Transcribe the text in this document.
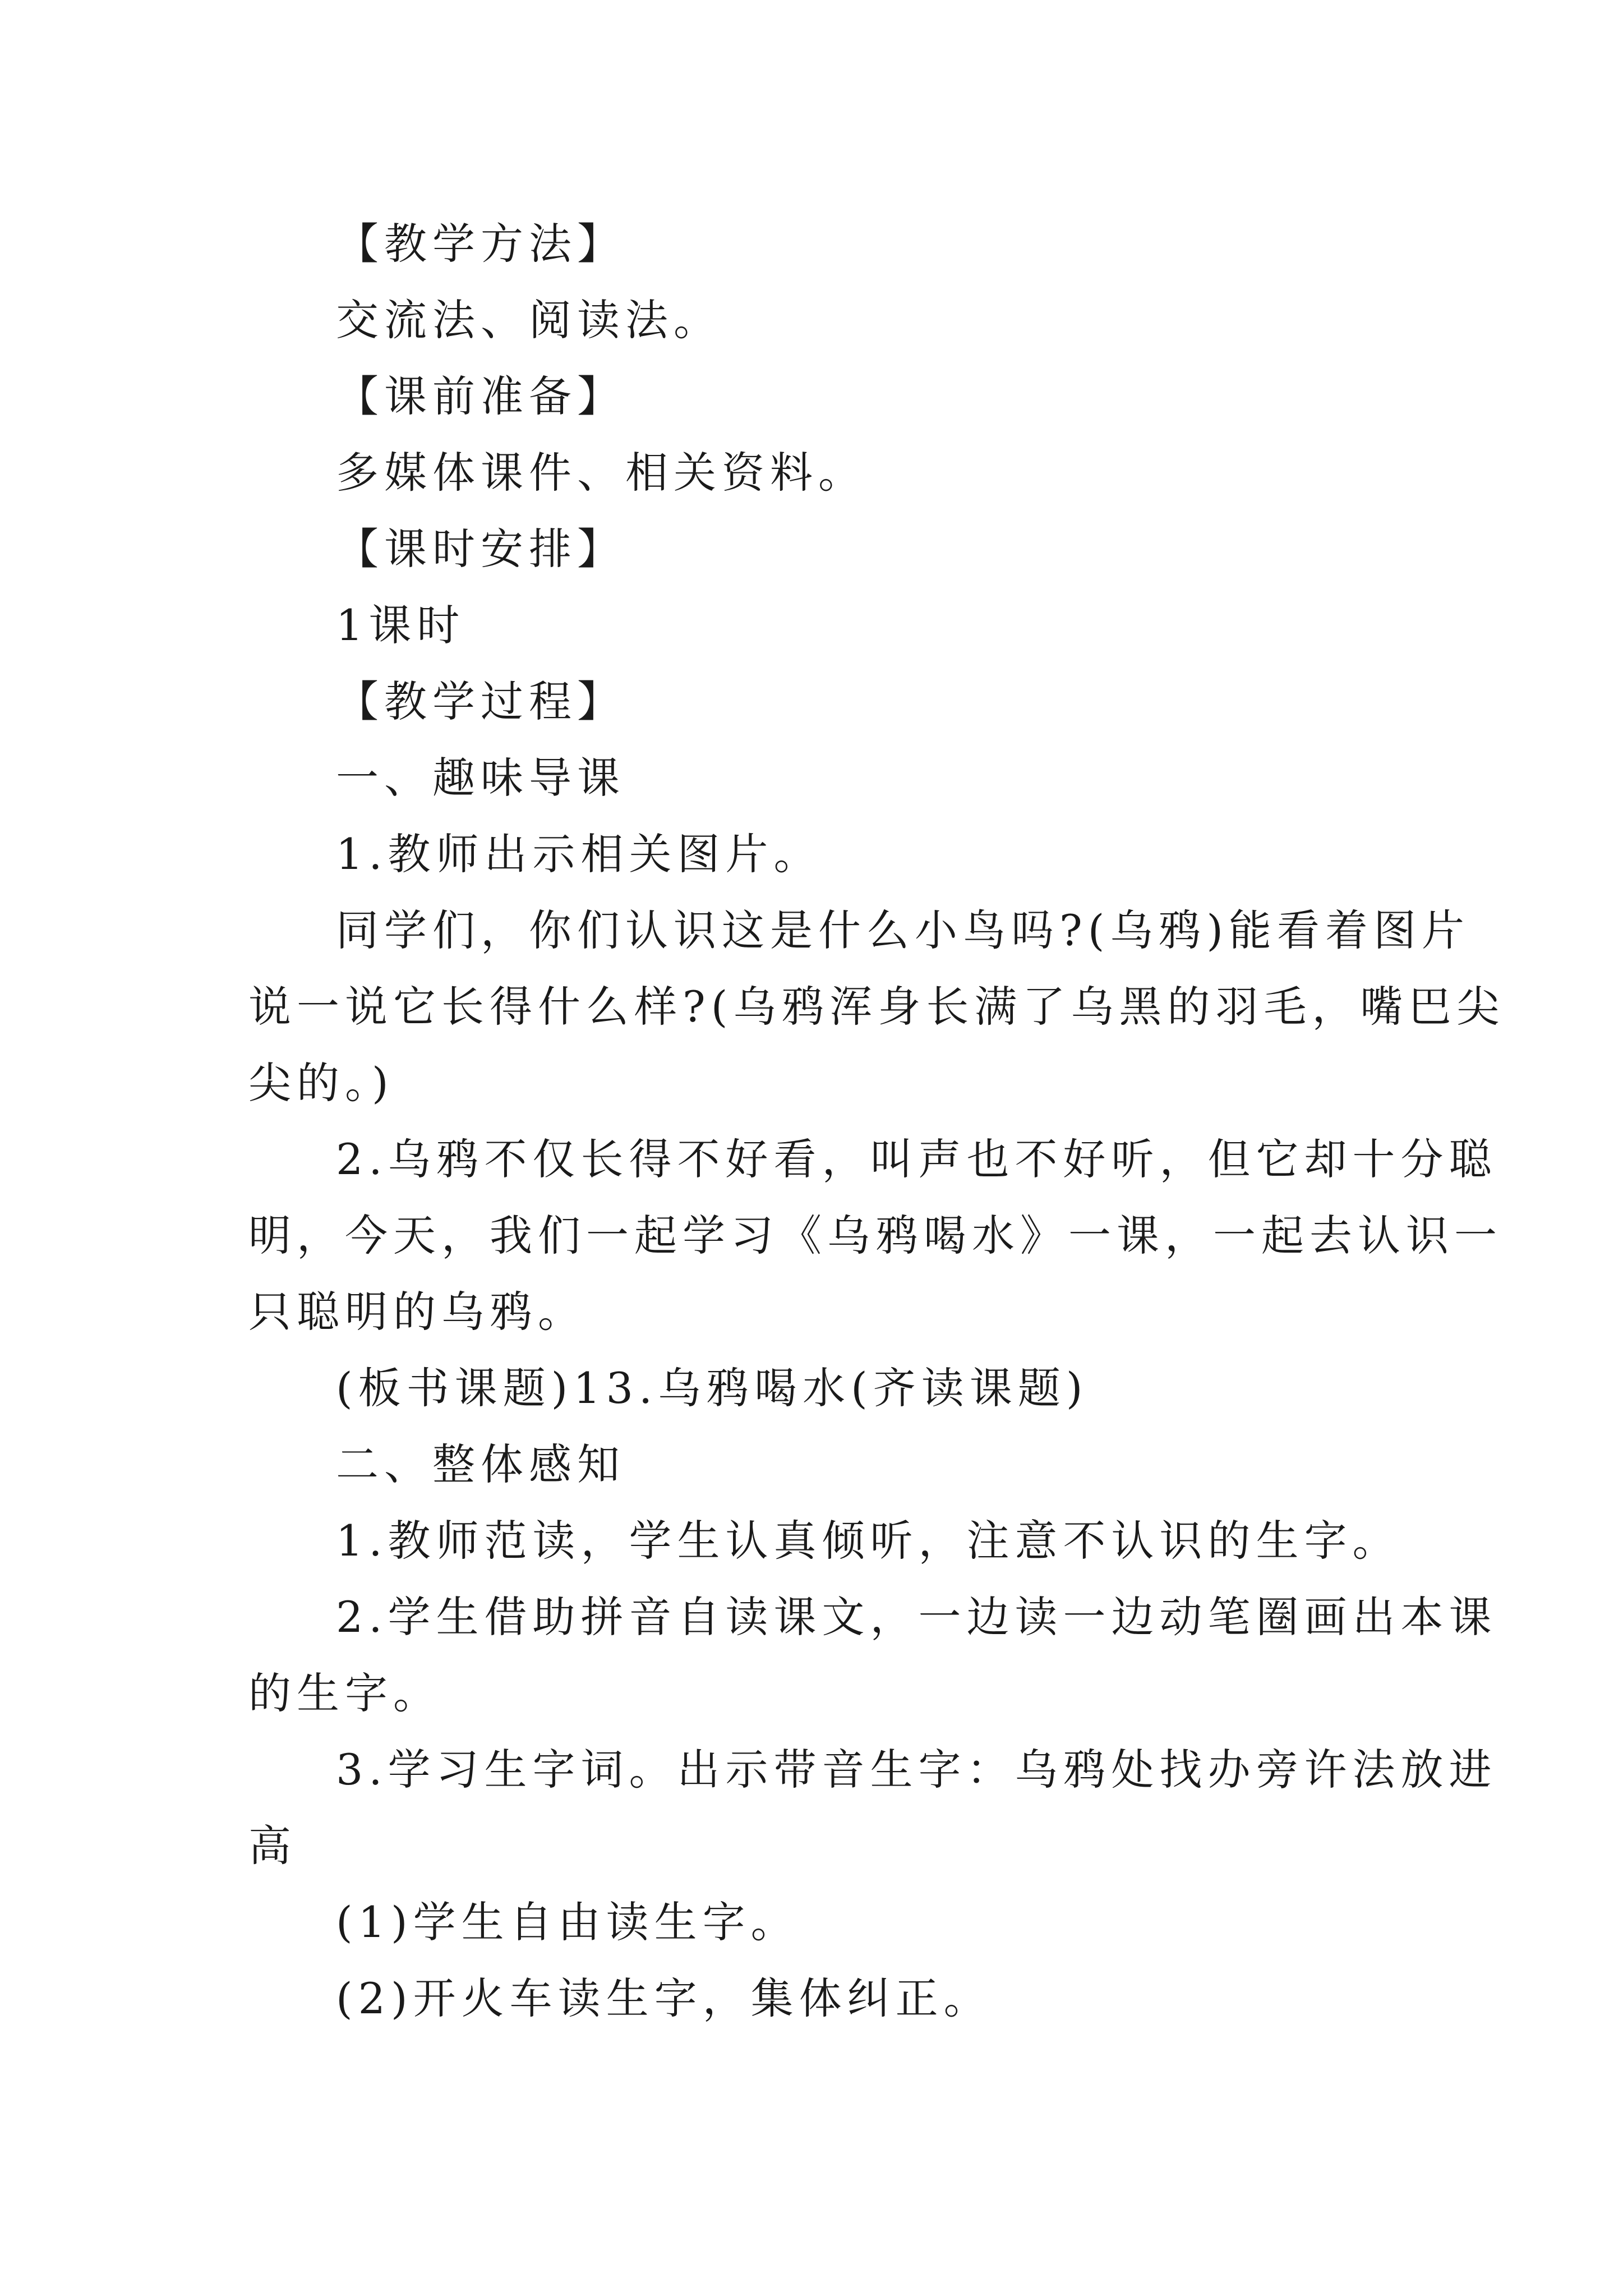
【教学方法】
交流法、阅读法。
【课前准备】
多媒体课件、相关资料。
【课时安排】
1课时
【教学过程】
一、趣味导课
1.教师出示相关图片。
同学们，你们认识这是什么小鸟吗?(乌鸦)能看着图片
说一说它长得什么样?(乌鸦浑身长满了乌黑的羽毛，嘴巴尖
尖的。)
2.乌鸦不仅长得不好看，叫声也不好听，但它却十分聪
明，今天，我们一起学习《乌鸦喝水》一课，一起去认识一
只聪明的乌鸦。
(板书课题)13.乌鸦喝水(齐读课题)
二、整体感知
1.教师范读，学生认真倾听，注意不认识的生字。
2.学生借助拼音自读课文，一边读一边动笔圈画出本课
的生字。
3.学习生字词。出示带音生字：乌鸦处找办旁许法放进
高
(1)学生自由读生字。
(2)开火车读生字，集体纠正。
